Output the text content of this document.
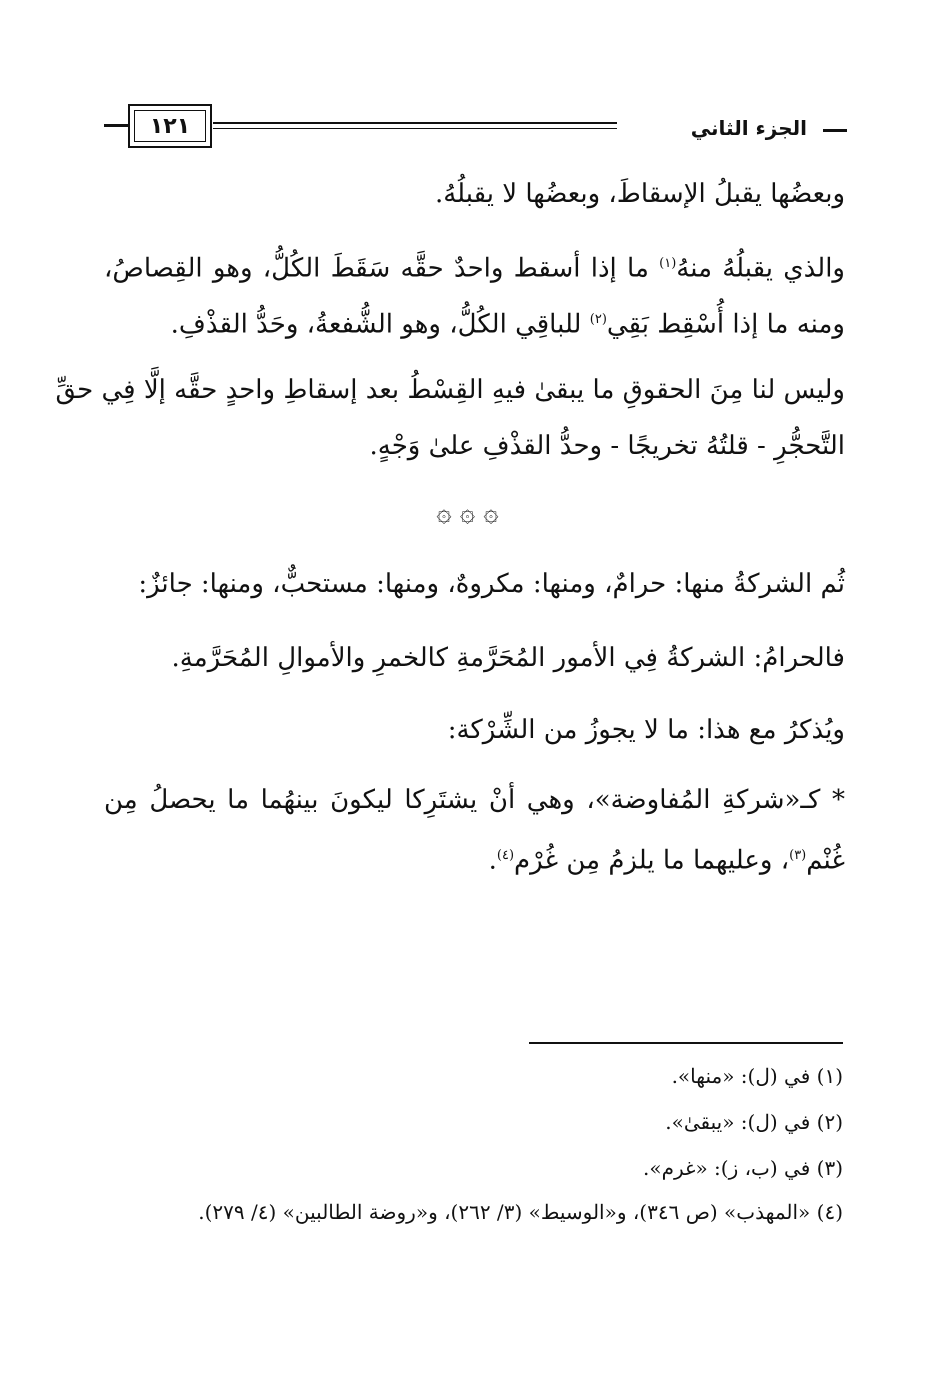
الجزء الثاني
١٢١
وبعضُها يقبلُ الإسقاطَ، وبعضُها لا يقبلُهُ.
والذي يقبلُهُ منهُ$^{(١)}$ ما إذا أسقط واحدٌ حقَّه سَقَطَ الكُلُّ، وهو القِصاصُ،
ومنه ما إذا أُسْقِط بَقِي$^{(٢)}$ للباقِي الكُلُّ، وهو الشُّفعةُ، وحَدُّ القذْفِ.
وليس لنا مِنَ الحقوقِ ما يبقىٰ فيهِ القِسْطُ بعد إسقاطِ واحدٍ حقَّه إلَّا فِي حقِّ
التَّحجُّرِ - قلتُهُ تخريجًا - وحدُّ القذْفِ علىٰ وَجْهٍ.
۞ ۞ ۞
ثُم الشركةُ منها: حرامٌ، ومنها: مكروهٌ، ومنها: مستحبٌّ، ومنها: جائزٌ:
فالحرامُ: الشركةُ فِي الأمور المُحَرَّمةِ كالخمرِ والأموالِ المُحَرَّمةِ.
ويُذكرُ مع هذا: ما لا يجوزُ من الشِّرْكة:
* كـ«شركةِ المُفاوضة»، وهي أنْ يشتَرِكا ليكونَ بينهُما ما يحصلُ مِن
غُنْم$^{(٣)}$، وعليهما ما يلزمُ مِن غُرْم$^{(٤)}$.
(١) في (ل): «منها».
(٢) في (ل): «يبقىٰ».
(٣) في (ب، ز): «غرم».
(٤) «المهذب» (ص ٣٤٦)، و«الوسيط» (٣/ ٢٦٢)، و«روضة الطالبين» (٤/ ٢٧٩).
